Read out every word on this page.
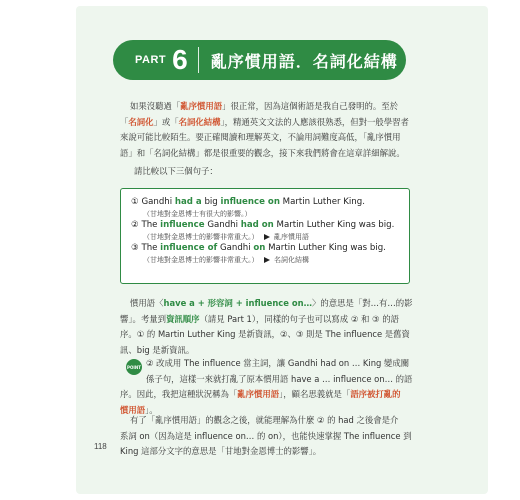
PART 6 亂序慣用語．名詞化結構

如果沒聽過「亂序慣用語」很正常，因為這個術語是我自己發明的。至於
「名詞化」或「名詞化結構」，精通英文文法的人應該很熟悉，但對一般學習者
來說可能比較陌生。要正確閱讀和理解英文，不論用詞難度高低，「亂序慣用
語」和「名詞化結構」都是很重要的觀念，接下來我們將會在這章詳細解說。

請比較以下三個句子：

① Gandhi had a big influence on Martin Luther King.
（甘地對金恩博士有很大的影響。）
② The influence Gandhi had on Martin Luther King was big.
（甘地對金恩博士的影響非常重大。） 亂序慣用語
③ The influence of Gandhi on Martin Luther King was big.
（甘地對金恩博士的影響非常重大。） 名詞化結構

慣用語〈have a + 形容詞 + influence on…〉的意思是「對…有…的影
響」。考量到資訊順序（請見 Part 1），同樣的句子也可以寫成 ② 和 ③ 的語
序。① 的 Martin Luther King 是新資訊，②、③ 則是 The influence 是舊資
訊、big 是新資訊。

POINT ② 改成用 The influence 當主詞，讓 Gandhi had on … King 變成關
係子句，這樣一來就打亂了原本慣用語 have a … influence on… 的語
序。因此，我把這種狀況稱為「亂序慣用語」，顧名思義就是「語序被打亂的
慣用語」。

有了「亂序慣用語」的觀念之後，就能理解為什麼 ② 的 had 之後會是介
系詞 on（因為這是 influence on… 的 on），也能快速掌握 The influence 到
King 這部分文字的意思是「甘地對金恩博士的影響」。

118
